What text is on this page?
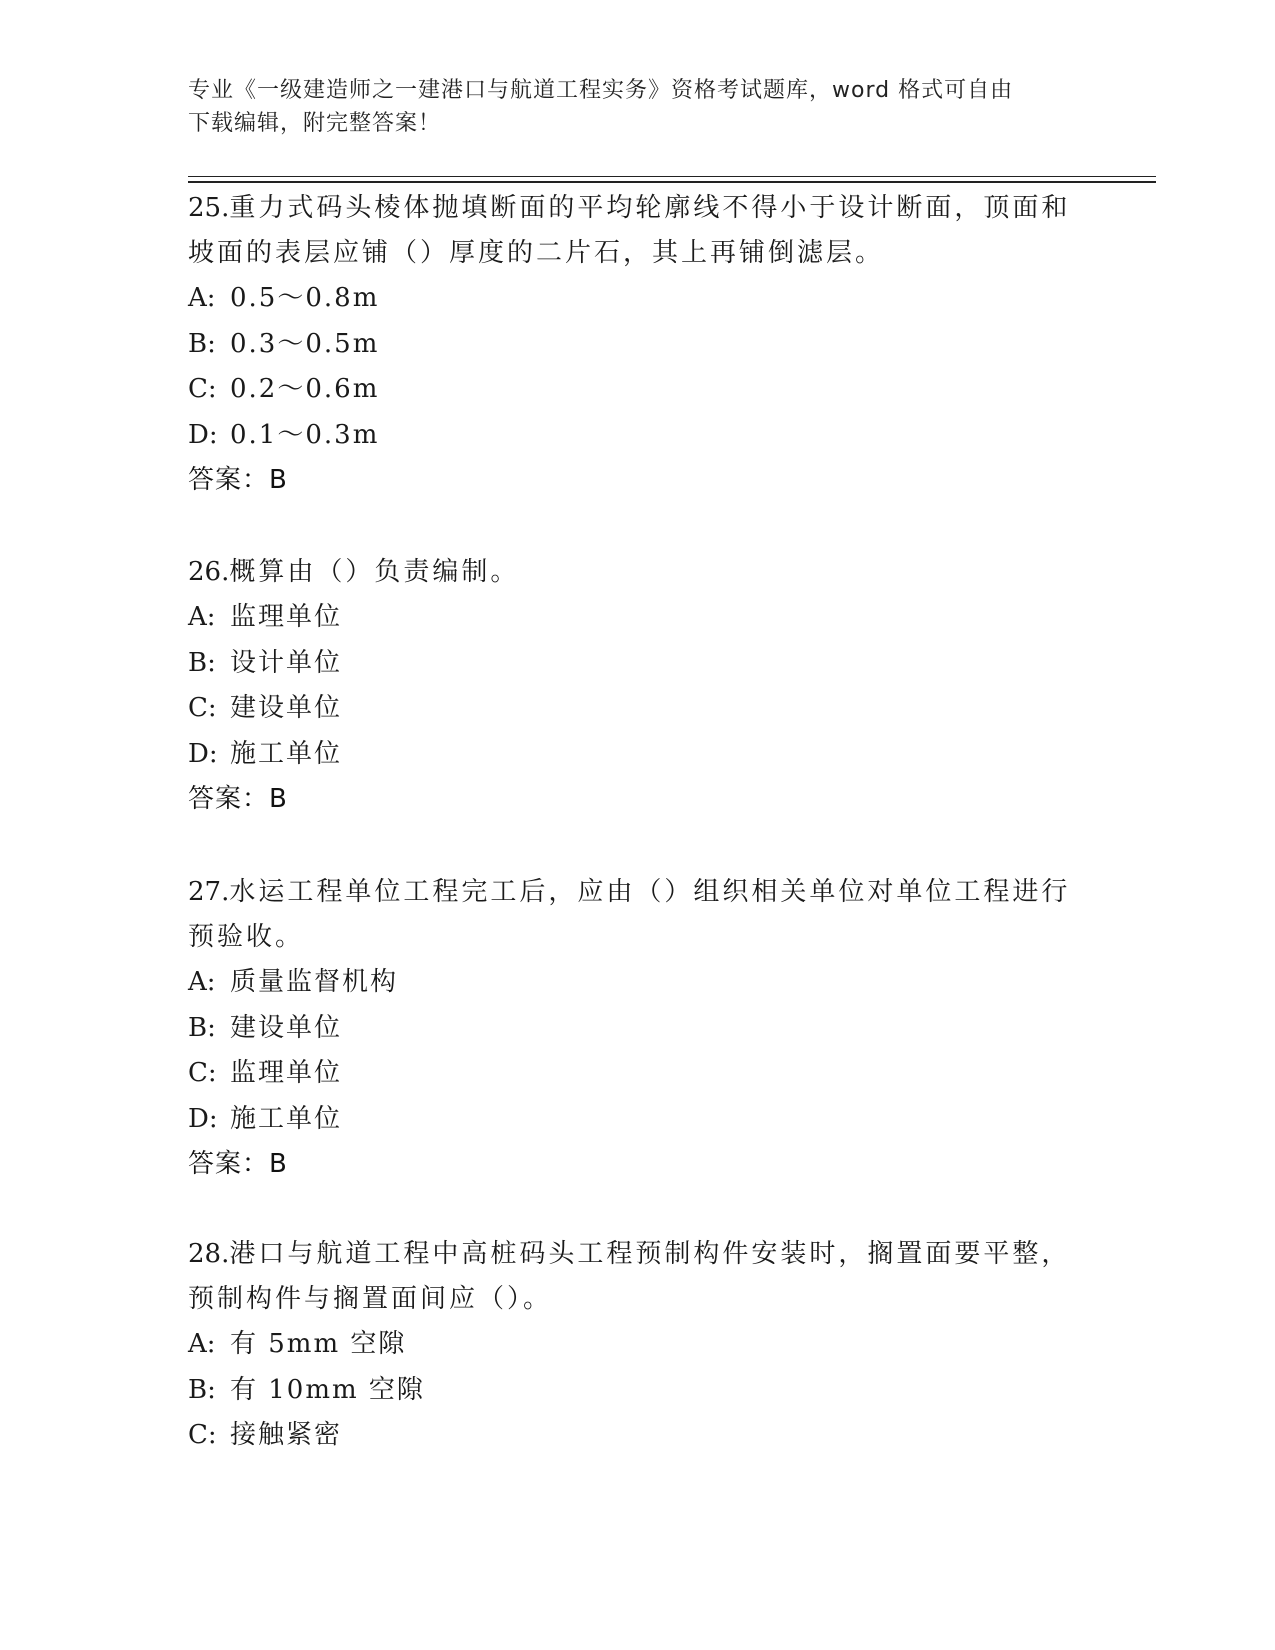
专业《一级建造师之一建港口与航道工程实务》资格考试题库，word 格式可自由
下载编辑，附完整答案！
25.重力式码头棱体抛填断面的平均轮廓线不得小于设计断面，顶面和
坡面的表层应铺（）厚度的二片石，其上再铺倒滤层。
A: 0.5～0.8m
B: 0.3～0.5m
C: 0.2～0.6m
D: 0.1～0.3m
答案：B
26.概算由（）负责编制。
A: 监理单位
B: 设计单位
C: 建设单位
D: 施工单位
答案：B
27.水运工程单位工程完工后，应由（）组织相关单位对单位工程进行
预验收。
A: 质量监督机构
B: 建设单位
C: 监理单位
D: 施工单位
答案：B
28.港口与航道工程中高桩码头工程预制构件安装时，搁置面要平整，
预制构件与搁置面间应（）。
A: 有 5mm 空隙
B: 有 10mm 空隙
C: 接触紧密
